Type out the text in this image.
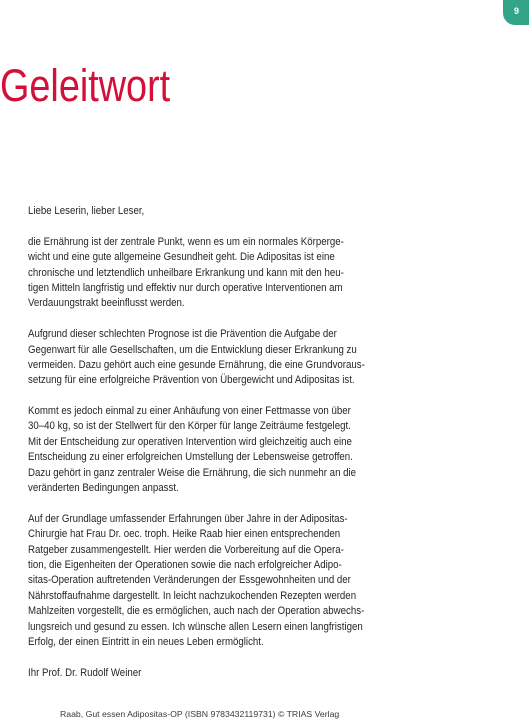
9
Geleitwort
Liebe Leserin, lieber Leser,
die Ernährung ist der zentrale Punkt, wenn es um ein normales Körperge-
wicht und eine gute allgemeine Gesundheit geht. Die Adipositas ist eine
chronische und letztendlich unheilbare Erkrankung und kann mit den heu-
tigen Mitteln langfristig und effektiv nur durch operative Interventionen am
Verdauungstrakt beeinflusst werden.
Aufgrund dieser schlechten Prognose ist die Prävention die Aufgabe der
Gegenwart für alle Gesellschaften, um die Entwicklung dieser Erkrankung zu
vermeiden. Dazu gehört auch eine gesunde Ernährung, die eine Grundvoraus-
setzung für eine erfolgreiche Prävention von Übergewicht und Adipositas ist.
Kommt es jedoch einmal zu einer Anhäufung von einer Fettmasse von über
30–40 kg, so ist der Stellwert für den Körper für lange Zeiträume festgelegt.
Mit der Entscheidung zur operativen Intervention wird gleichzeitig auch eine
Entscheidung zu einer erfolgreichen Umstellung der Lebensweise getroffen.
Dazu gehört in ganz zentraler Weise die Ernährung, die sich nunmehr an die
veränderten Bedingungen anpasst.
Auf der Grundlage umfassender Erfahrungen über Jahre in der Adipositas-
Chirurgie hat Frau Dr. oec. troph. Heike Raab hier einen entsprechenden
Ratgeber zusammengestellt. Hier werden die Vorbereitung auf die Opera-
tion, die Eigenheiten der Operationen sowie die nach erfolgreicher Adipo-
sitas-Operation auftretenden Veränderungen der Essgewohnheiten und der
Nährstoffaufnahme dargestellt. In leicht nachzukochenden Rezepten werden
Mahlzeiten vorgestellt, die es ermöglichen, auch nach der Operation abwechs-
lungsreich und gesund zu essen. Ich wünsche allen Lesern einen langfristigen
Erfolg, der einen Eintritt in ein neues Leben ermöglicht.
Ihr Prof. Dr. Rudolf Weiner
Raab, Gut essen Adipositas-OP (ISBN 9783432119731) © TRIAS Verlag
